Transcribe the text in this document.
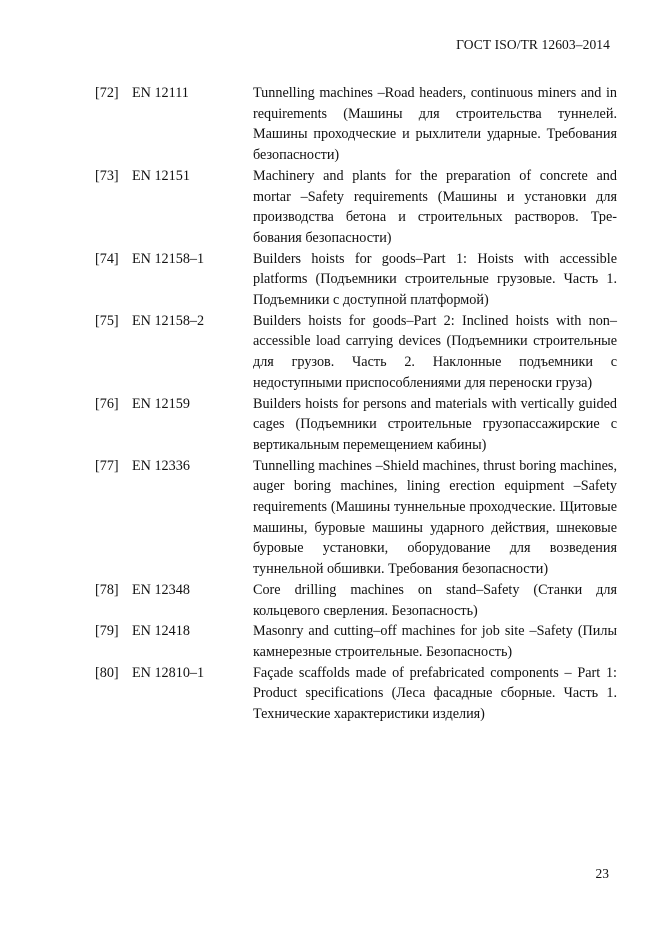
ГОСТ ISO/TR 12603–2014
[72] EN 12111	Tunnelling machines –Road headers, continuous miners and in requirements (Машины для строительства туннелей. Машины проходческие и рыхлители ударные. Требования безопасности)
[73] EN 12151	Machinery and plants for the preparation of concrete and mortar –Safety requirements (Машины и установки для производства бетона и строительных растворов. Требования безопасности)
[74] EN 12158–1	Builders hoists for goods–Part 1: Hoists with accessible platforms (Подъемники строительные грузовые. Часть 1. Подъемники с доступной платформой)
[75] EN 12158–2	Builders hoists for goods–Part 2: Inclined hoists with non–accessible load carrying devices (Подъемники строительные для грузов. Часть 2. Наклонные подъемники с недоступными приспособлениями для переноски груза)
[76] EN 12159	Builders hoists for persons and materials with vertically guided cages (Подъемники строительные грузопассажирские с вертикальным перемещением кабины)
[77] EN 12336	Tunnelling machines –Shield machines, thrust boring machines, auger boring machines, lining erection equipment –Safety requirements (Машины туннельные проходческие. Щитовые машины, буровые машины ударного действия, шнековые буровые установки, оборудование для возведения туннельной обшивки. Требования безопасности)
[78] EN 12348	Core drilling machines on stand–Safety (Станки для кольцевого сверления. Безопасность)
[79] EN 12418	Masonry and cutting–off machines for job site –Safety (Пилы камнерезные строительные. Безопасность)
[80] EN 12810–1	Façade scaffolds made of prefabricated components – Part 1: Product specifications (Леса фасадные сборные. Часть 1. Технические характеристики изделия)
23
